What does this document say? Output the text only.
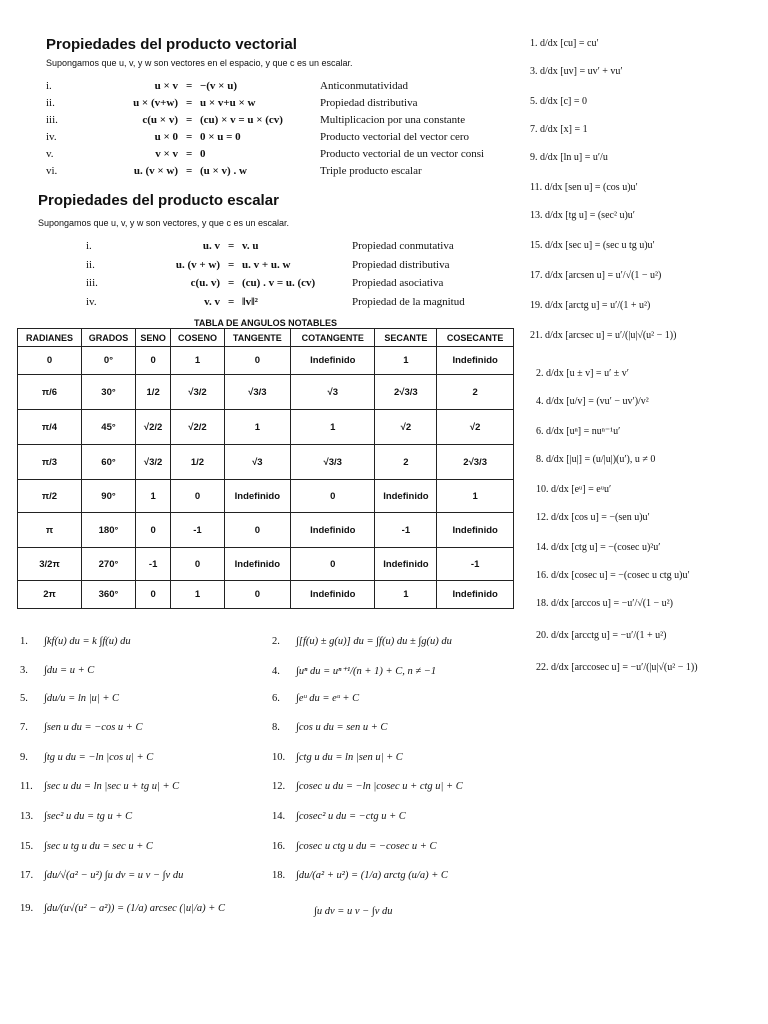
Propiedades del producto vectorial
Supongamos que u, v, y w son vectores en el espacio, y que c es un escalar.
i.	u × v = −(v × u)	Anticonmutatividad
ii.	u × (v+w) = u × v+u × w	Propiedad distributiva
iii.	c(u × v) = (cu) × v = u × (cv)	Multiplicacion por una constante
iv.	u × 0 = 0 × u = 0	Producto vectorial del vector cero
v.	v × v = 0	Producto vectorial de un vector consi
vi.	u. (v × w) = (u × v) . w	Triple producto escalar
Propiedades del producto escalar
Supongamos que u, v, y w son vectores, y que c es un escalar.
i.	u. v = v. u	Propiedad conmutativa
ii.	u. (v + w) = u. v + u. w	Propiedad distributiva
iii.	c(u. v) = (cu) . v = u. (cv)	Propiedad asociativa
iv.	v. v = ‖v‖²	Propiedad de la magnitud
TABLA DE ANGULOS NOTABLES
RADIANES	GRADOS	SENO	COSENO	TANGENTE	COTANGENTE	SECANTE	COSECANTE
0	0°	0	1	0	Indefinido	1	Indefinido
π/6	30°	1/2	√3/2	√3/3	√3	2√3/3	2
π/4	45°	√2/2	√2/2	1	1	√2	√2
π/3	60°	√3/2	1/2	√3	√3/3	2	2√3/3
π/2	90°	1	0	Indefinido	0	Indefinido	1
π	180°	0	-1	0	Indefinido	-1	Indefinido
3/2π	270°	-1	0	Indefinido	0	Indefinido	-1
2π	360°	0	1	0	Indefinido	1	Indefinido
1. d/dx [cu] = cu′
3. d/dx [uv] = uv′ + vu′
5. d/dx [c] = 0
7. d/dx [x] = 1
9. d/dx [ln u] = u′/u
11. d/dx [sen u] = (cos u)u′
13. d/dx [tg u] = (sec² u)u′
15. d/dx [sec u] = (sec u tg u)u′
17. d/dx [arcsen u] = u′/√(1 − u²)
19. d/dx [arctg u] = u′/(1 + u²)
21. d/dx [arcsec u] = u′/(|u|√(u² − 1))
2. d/dx [u ± v] = u′ ± v′
4. d/dx [u/v] = (vu′ − uv′)/v²
6. d/dx [uⁿ] = nuⁿ⁻¹u′
8. d/dx [|u|] = (u/|u|)(u′), u ≠ 0
10. d/dx [eᵘ] = eᵘu′
12. d/dx [cos u] = −(sen u)u′
14. d/dx [ctg u] = −(cosec u)²u′
16. d/dx [cosec u] = −(cosec u ctg u)u′
18. d/dx [arccos u] = −u′/√(1 − u²)
20. d/dx [arcctg u] = −u′/(1 + u²)
22. d/dx [arccosec u] = −u′/(|u|√(u² − 1))
1. ∫kf(u) du = k ∫f(u) du	2. ∫[f(u) ± g(u)] du = ∫f(u) du ± ∫g(u) du
3. ∫du = u + C	4. ∫uⁿ du = uⁿ⁺¹/(n + 1) + C, n ≠ −1
5. ∫du/u = ln |u| + C	6. ∫eᵘ du = eᵘ + C
7. ∫sen u du = −cos u + C	8. ∫cos u du = sen u + C
9. ∫tg u du = −ln |cos u| + C	10. ∫ctg u du = ln |sen u| + C
11. ∫sec u du = ln |sec u + tg u| + C	12. ∫cosec u du = −ln |cosec u + ctg u| + C
13. ∫sec² u du = tg u + C	14. ∫cosec² u du = −ctg u + C
15. ∫sec u tg u du = sec u + C	16. ∫cosec u ctg u du = −cosec u + C
17. ∫du/√(a² − u²) ∫u dv = u v − ∫v du	18. ∫du/(a² + u²) = (1/a) arctg (u/a) + C
19. ∫du/(u√(u² − a²)) = (1/a) arcsec (|u|/a) + C	∫u dv = u v − ∫v du
